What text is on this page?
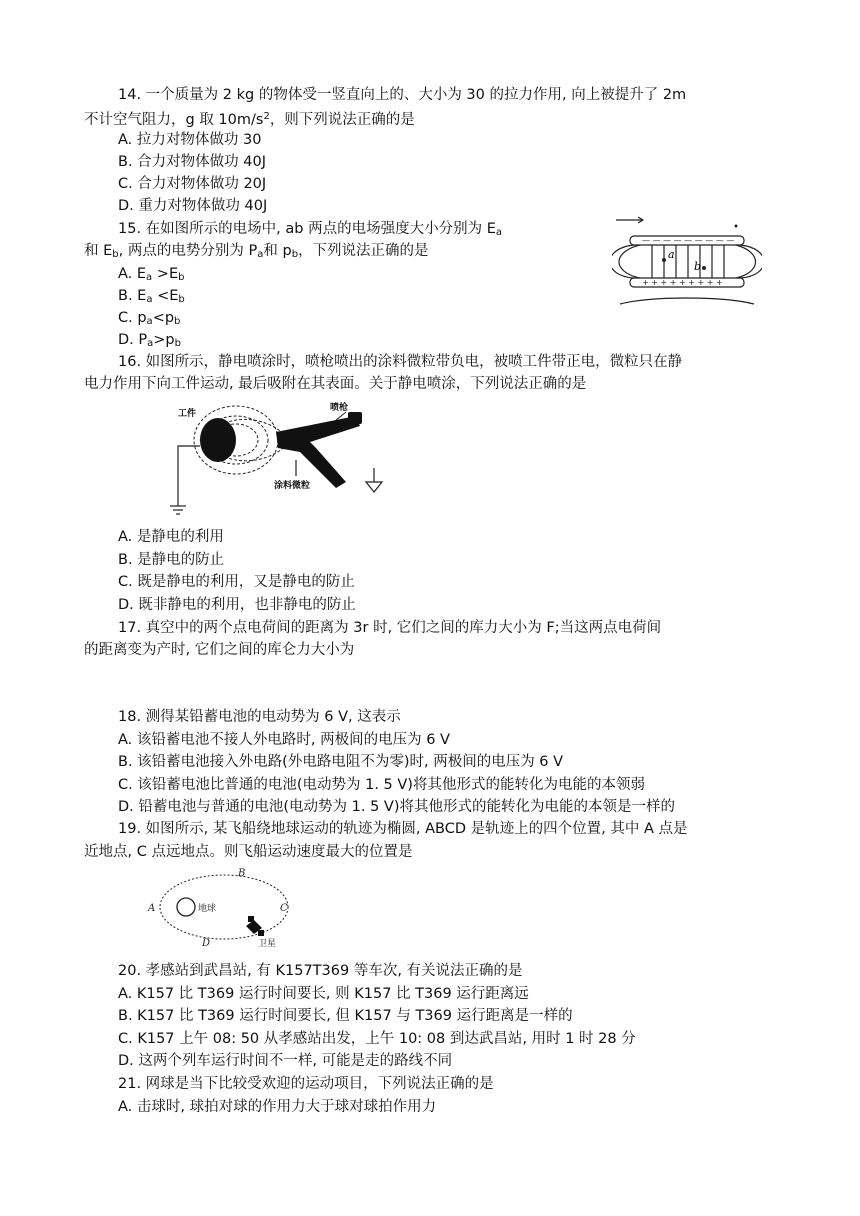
14. 一个质量为 2 kg 的物体受一竖直向上的、大小为 30 的拉力作用, 向上被提升了 2m
不计空气阻力，g 取 $10m/s^2$，则下列说法正确的是
A. 拉力对物体做功 30
B. 合力对物体做功 40J
C. 合力对物体做功 20J
D. 重力对物体做功 40J
15. 在如图所示的电场中, ab 两点的电场强度大小分别为 $E_a$
和 $E_b$, 两点的电势分别为 $P_a$和 $p_b$，下列说法正确的是
A. $E_a >E_b$
B. $E_a <E_b$
C. $p_a<p_b$
D. $P_a>p_b$
— — — — — — — — —
+ + + + + + + + +
a
b
16. 如图所示，静电喷涂时，喷枪喷出的涂料微粒带负电，被喷工件带正电，微粒只在静
电力作用下向工件运动, 最后吸附在其表面。关于静电喷涂，下列说法正确的是
工件
喷枪
涂料微粒
A. 是静电的利用
B. 是静电的防止
C. 既是静电的利用，又是静电的防止
D. 既非静电的利用，也非静电的防止
17. 真空中的两个点电荷间的距离为 3r 时, 它们之间的库力大小为 F;当这两点电荷间
的距离变为产时, 它们之间的库仑力大小为
18. 测得某铅蓄电池的电动势为 6 V, 这表示
A. 该铅蓄电池不接人外电路时, 两极间的电压为 6 V
B. 该铅蓄电池接入外电路(外电路电阻不为零)时, 两极间的电压为 6 V
C. 该铅蓄电池比普通的电池(电动势为 1. 5 V)将其他形式的能转化为电能的本领弱
D. 铅蓄电池与普通的电池(电动势为 1. 5 V)将其他形式的能转化为电能的本领是一样的
19. 如图所示, 某飞船绕地球运动的轨迹为椭圆, ABCD 是轨迹上的四个位置, 其中 A 点是
近地点, C 点远地点。则飞船运动速度最大的位置是
A
B
C
D
地球
卫星
20. 孝感站到武昌站, 有 K157T369 等车次, 有关说法正确的是
A. K157 比 T369 运行时间要长, 则 K157 比 T369 运行距离远
B. K157 比 T369 运行时间要长, 但 K157 与 T369 运行距离是一样的
C. K157 上午 08: 50 从孝感站出发，上午 10: 08 到达武昌站, 用时 1 时 28 分
D. 这两个列车运行时间不一样, 可能是走的路线不同
21. 网球是当下比较受欢迎的运动项目，下列说法正确的是
A. 击球时, 球拍对球的作用力大于球对球拍作用力
